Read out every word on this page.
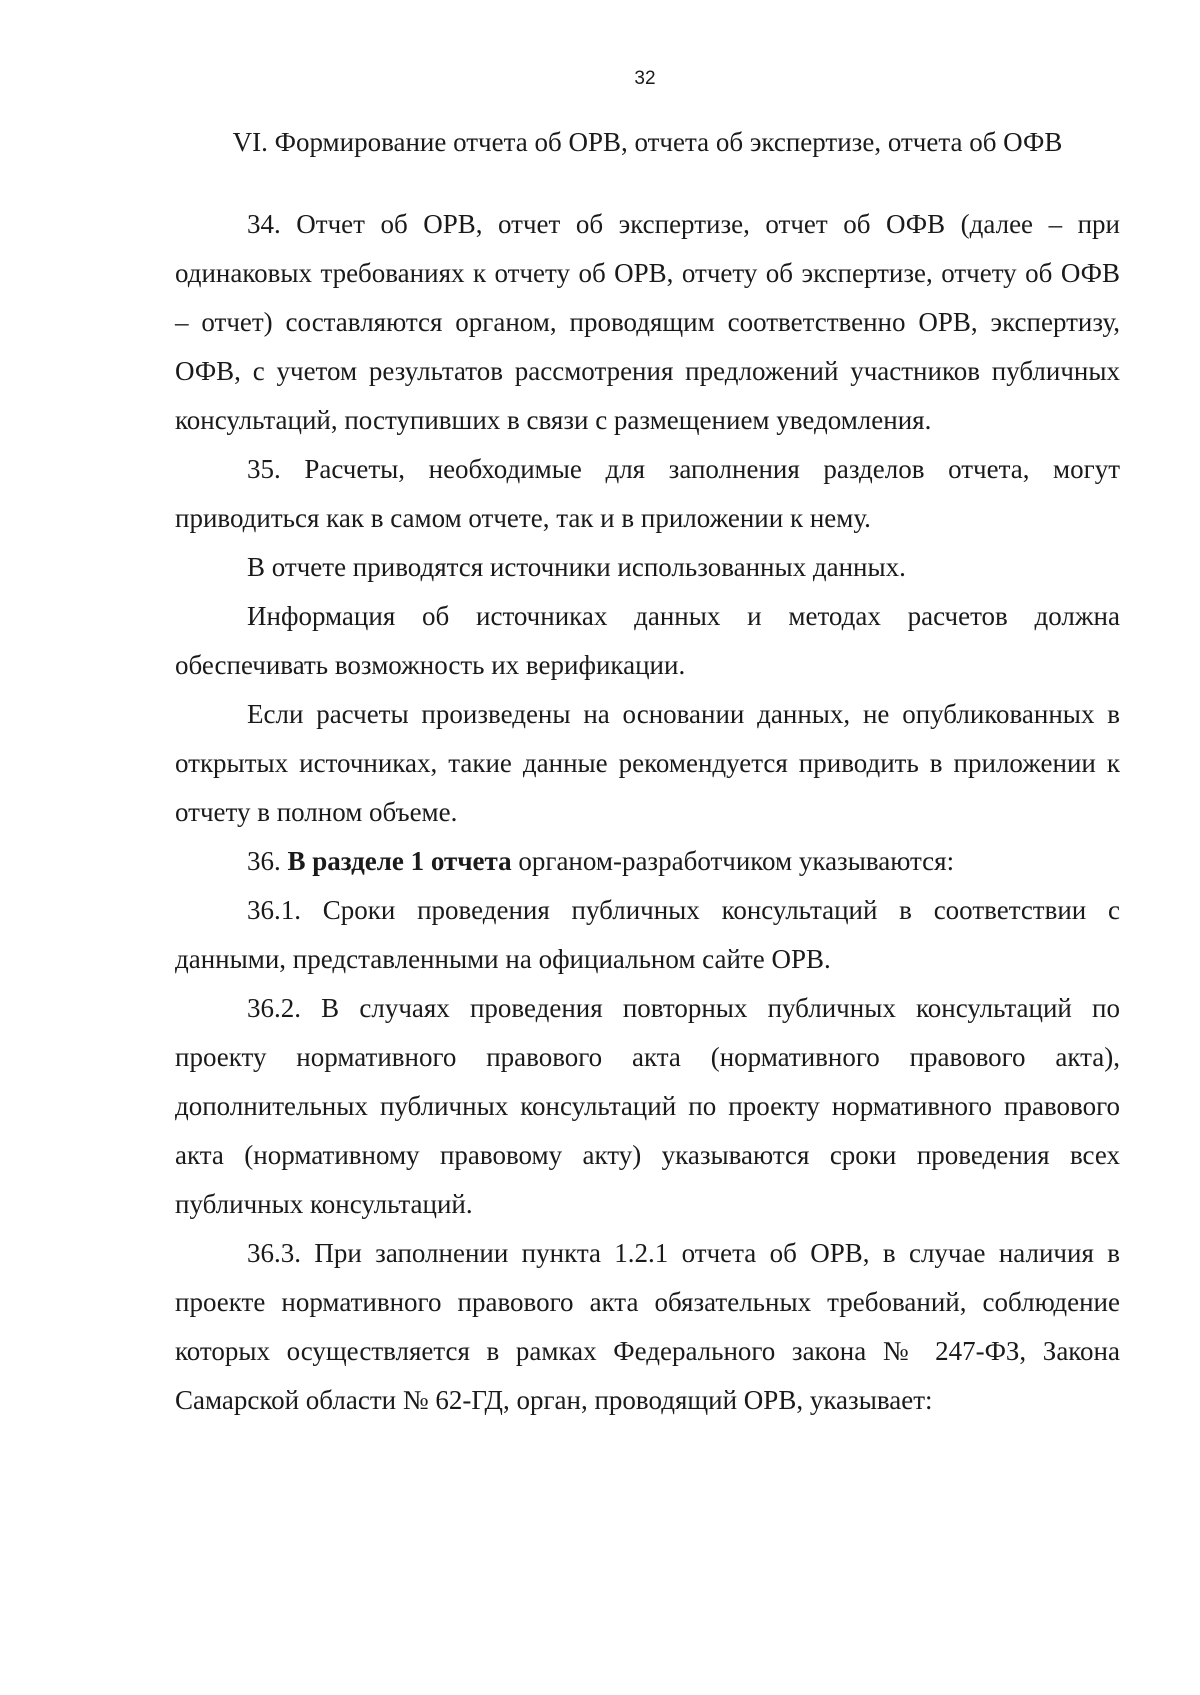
32
VI. Формирование отчета об ОРВ, отчета об экспертизе, отчета об ОФВ

34. Отчет об ОРВ, отчет об экспертизе, отчет об ОФВ (далее – при одинаковых требованиях к отчету об ОРВ, отчету об экспертизе, отчету об ОФВ – отчет) составляются органом, проводящим соответственно ОРВ, экспертизу, ОФВ, с учетом результатов рассмотрения предложений участников публичных консультаций, поступивших в связи с размещением уведомления.

35. Расчеты, необходимые для заполнения разделов отчета, могут приводиться как в самом отчете, так и в приложении к нему.

В отчете приводятся источники использованных данных.

Информация об источниках данных и методах расчетов должна обеспечивать возможность их верификации.

Если расчеты произведены на основании данных, не опубликованных в открытых источниках, такие данные рекомендуется приводить в приложении к отчету в полном объеме.

36. В разделе 1 отчета органом-разработчиком указываются:

36.1. Сроки проведения публичных консультаций в соответствии с данными, представленными на официальном сайте ОРВ.

36.2. В случаях проведения повторных публичных консультаций по проекту нормативного правового акта (нормативного правового акта), дополнительных публичных консультаций по проекту нормативного правового акта (нормативному правовому акту) указываются сроки проведения всех публичных консультаций.

36.3. При заполнении пункта 1.2.1 отчета об ОРВ, в случае наличия в проекте нормативного правового акта обязательных требований, соблюдение которых осуществляется в рамках Федерального закона № 247-ФЗ, Закона Самарской области № 62-ГД, орган, проводящий ОРВ, указывает:
